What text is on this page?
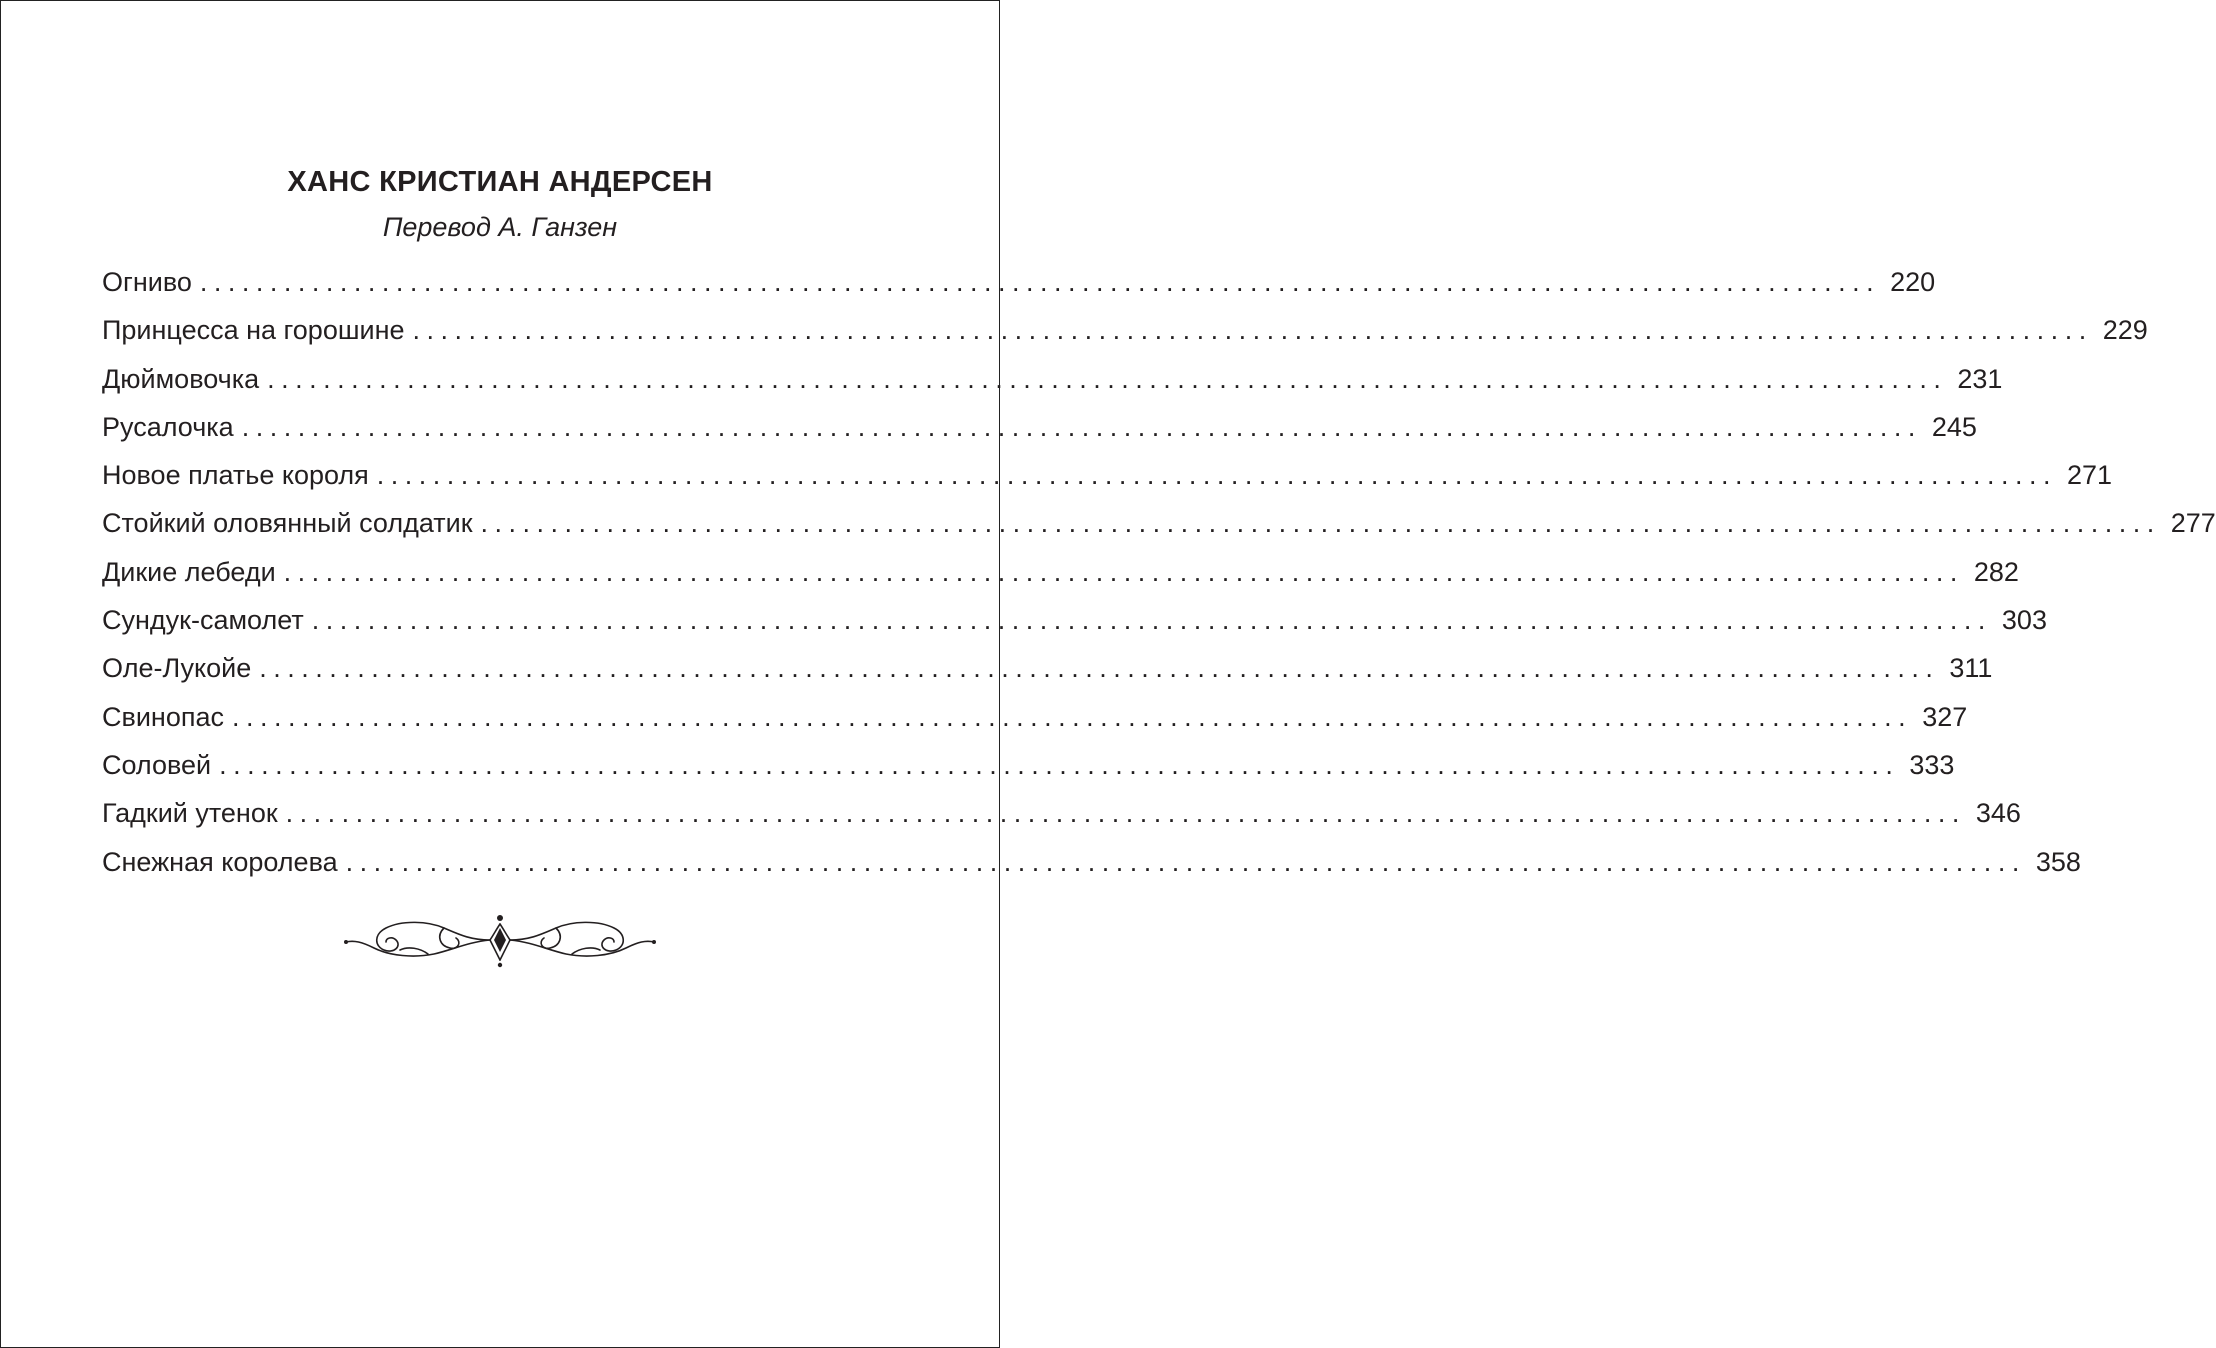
ХАНС КРИСТИАН АНДЕРСЕН
Перевод А. Ганзен
Огниво ........................................................................................................................ 220
Принцесса на горошине ........................................................................................................................ 229
Дюймовочка ........................................................................................................................ 231
Русалочка ........................................................................................................................ 245
Новое платье короля ........................................................................................................................ 271
Стойкий оловянный солдатик ........................................................................................................................ 277
Дикие лебеди ........................................................................................................................ 282
Сундук-самолет ........................................................................................................................ 303
Оле-Лукойе ........................................................................................................................ 311
Свинопас ........................................................................................................................ 327
Соловей ........................................................................................................................ 333
Гадкий утенок ........................................................................................................................ 346
Снежная королева ........................................................................................................................ 358
